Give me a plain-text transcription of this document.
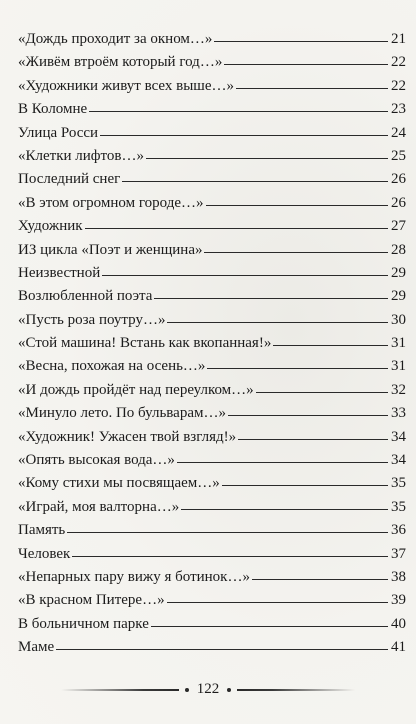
«Дождь проходит за окном…»	21
«Живём втроём который год…»	22
«Художники живут всех выше…»	22
В Коломне	23
Улица Росси	24
«Клетки лифтов…»	25
Последний снег	26
«В этом огромном городе…»	26
Художник	27
ИЗ цикла «Поэт и женщина»	28
Неизвестной	29
Возлюбленной поэта	29
«Пусть роза поутру…»	30
«Стой машина! Встань как вкопанная!»	31
«Весна, похожая на осень…»	31
«И дождь пройдёт над переулком…»	32
«Минуло лето. По бульварам…»	33
«Художник! Ужасен твой взгляд!»	34
«Опять высокая вода…»	34
«Кому стихи мы посвящаем…»	35
«Играй, моя валторна…»	35
Память	36
Человек	37
«Непарных пару вижу я ботинок…»	38
«В красном Питере…»	39
В больничном парке	40
Маме	41
122
